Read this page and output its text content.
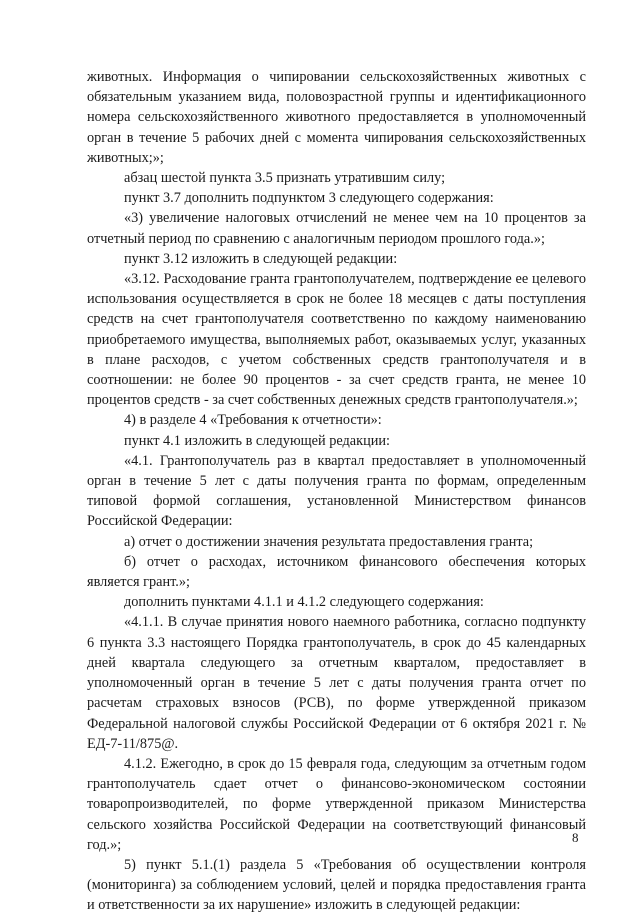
животных. Информация о чипировании сельскохозяйственных животных с обязательным указанием вида, половозрастной группы и идентификационного номера сельскохозяйственного животного предоставляется в уполномоченный орган в течение 5 рабочих дней с момента чипирования сельскохозяйственных животных;»;

абзац шестой пункта 3.5 признать утратившим силу;

пункт 3.7 дополнить подпунктом 3 следующего содержания:

«3) увеличение налоговых отчислений не менее чем на 10 процентов за отчетный период по сравнению с аналогичным периодом прошлого года.»;

пункт 3.12 изложить в следующей редакции:

«3.12. Расходование гранта грантополучателем, подтверждение ее целевого использования осуществляется в срок не более 18 месяцев с даты поступления средств на счет грантополучателя соответственно по каждому наименованию приобретаемого имущества, выполняемых работ, оказываемых услуг, указанных в плане расходов, с учетом собственных средств грантополучателя и в соотношении: не более 90 процентов - за счет средств гранта, не менее 10 процентов средств - за счет собственных денежных средств грантополучателя.»;

4) в разделе 4 «Требования к отчетности»:

пункт 4.1 изложить в следующей редакции:

«4.1. Грантополучатель раз в квартал предоставляет в уполномоченный орган в течение 5 лет с даты получения гранта по формам, определенным типовой формой соглашения, установленной Министерством финансов Российской Федерации:

а) отчет о достижении значения результата предоставления гранта;

б) отчет о расходах, источником финансового обеспечения которых является грант.»;

дополнить пунктами 4.1.1 и 4.1.2 следующего содержания:

«4.1.1. В случае принятия нового наемного работника, согласно подпункту 6 пункта 3.3 настоящего Порядка грантополучатель, в срок до 45 календарных дней квартала следующего за отчетным кварталом, предоставляет в уполномоченный орган в течение 5 лет с даты получения гранта отчет по расчетам страховых взносов (РСВ), по форме утвержденной приказом Федеральной налоговой службы Российской Федерации от 6 октября 2021 г. № ЕД-7-11/875@.

4.1.2. Ежегодно, в срок до 15 февраля года, следующим за отчетным годом грантополучатель сдает отчет о финансово-экономическом состоянии товаропроизводителей, по форме утвержденной приказом Министерства сельского хозяйства Российской Федерации на соответствующий финансовый год.»;

5) пункт 5.1.(1) раздела 5 «Требования об осуществлении контроля (мониторинга) за соблюдением условий, целей и порядка предоставления гранта и ответственности за их нарушение» изложить в следующей редакции:

8
